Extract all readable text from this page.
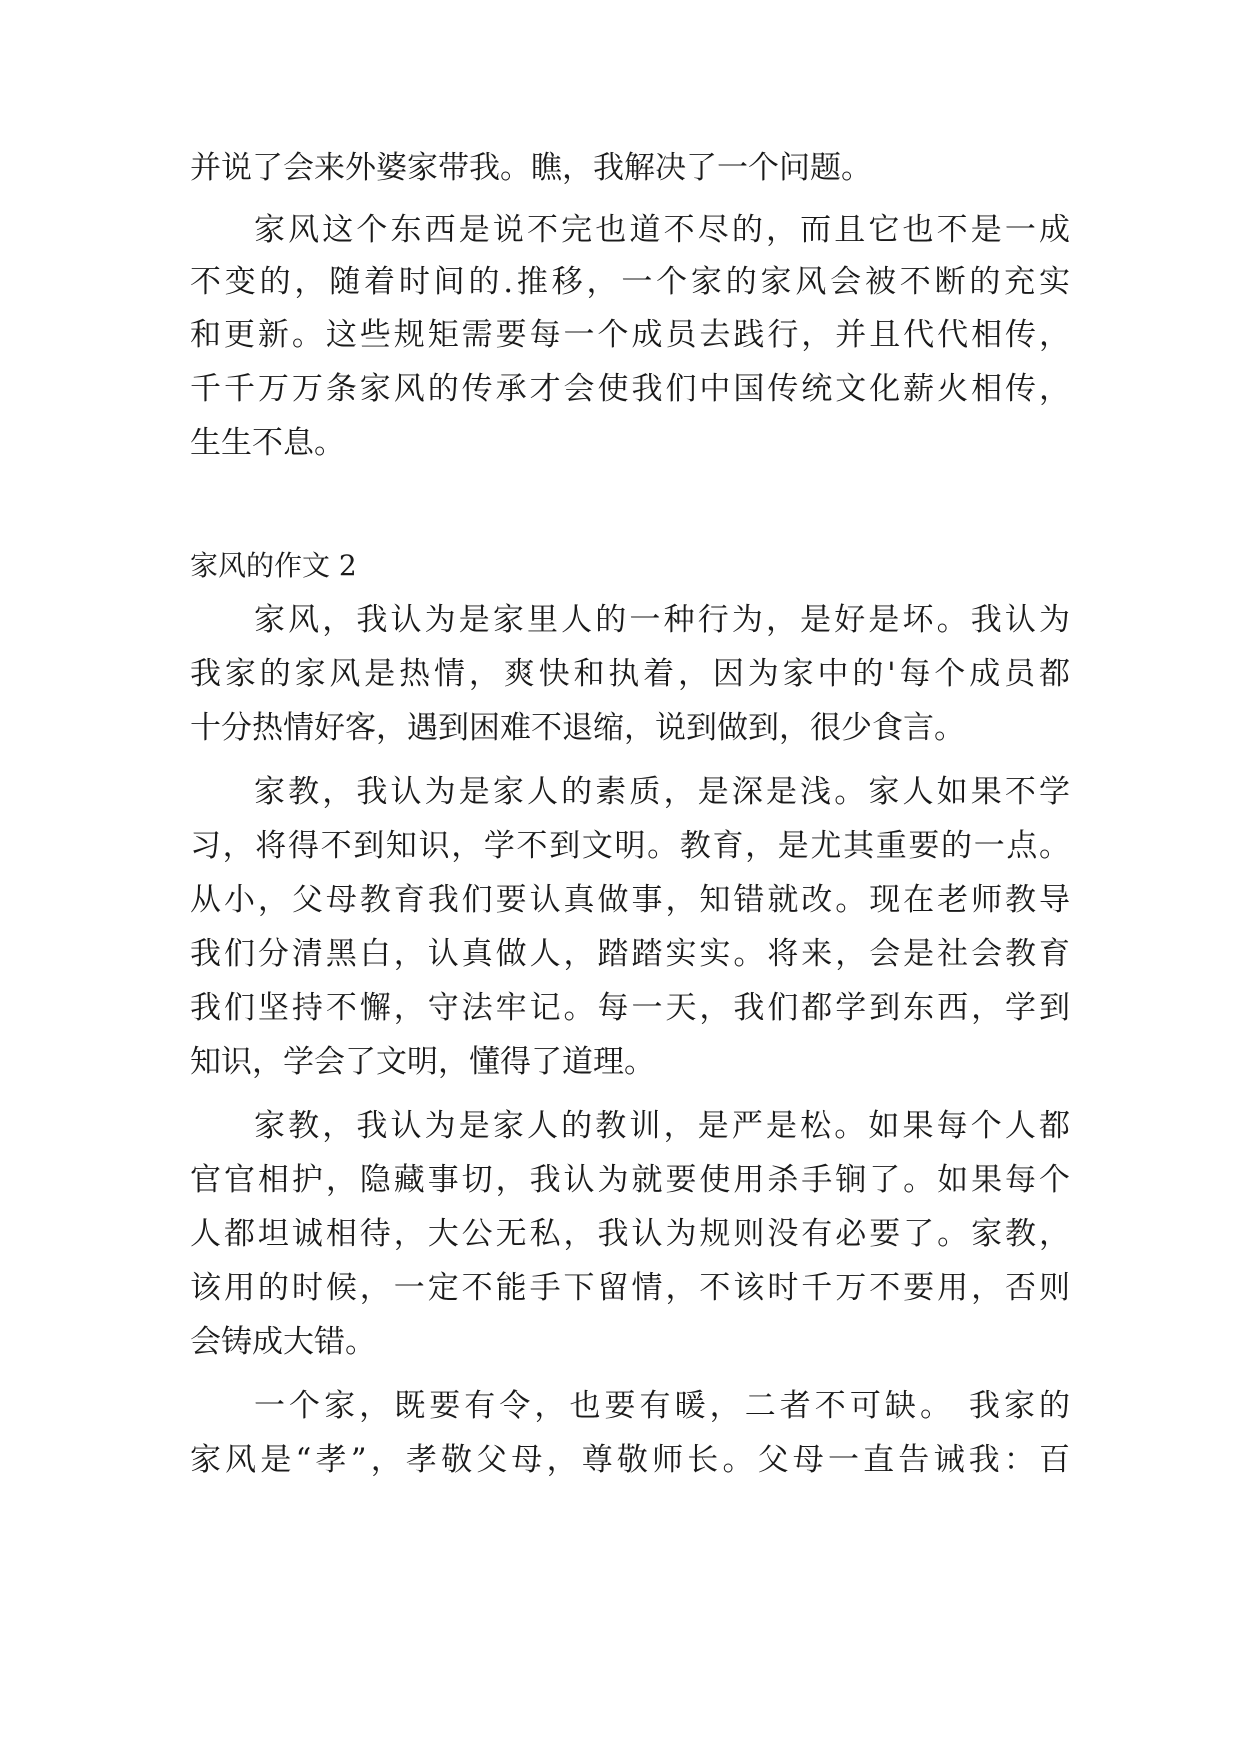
并说了会来外婆家带我。瞧，我解决了一个问题。
家风这个东西是说不完也道不尽的，而且它也不是一成
不变的，随着时间的.推移，一个家的家风会被不断的充实
和更新。这些规矩需要每一个成员去践行，并且代代相传，
千千万万条家风的传承才会使我们中国传统文化薪火相传，
生生不息。
家风的作文 2
家风，我认为是家里人的一种行为，是好是坏。我认为
我家的家风是热情，爽快和执着，因为家中的'每个成员都
十分热情好客，遇到困难不退缩，说到做到，很少食言。
家教，我认为是家人的素质，是深是浅。家人如果不学
习，将得不到知识，学不到文明。教育，是尤其重要的一点。
从小，父母教育我们要认真做事，知错就改。现在老师教导
我们分清黑白，认真做人，踏踏实实。将来，会是社会教育
我们坚持不懈，守法牢记。每一天，我们都学到东西，学到
知识，学会了文明，懂得了道理。
家教，我认为是家人的教训，是严是松。如果每个人都
官官相护，隐藏事切，我认为就要使用杀手锏了。如果每个
人都坦诚相待，大公无私，我认为规则没有必要了。家教，
该用的时候，一定不能手下留情，不该时千万不要用，否则
会铸成大错。
一个家，既要有令，也要有暖，二者不可缺。 我家的
家风是“孝”，孝敬父母，尊敬师长。父母一直告诫我：百
